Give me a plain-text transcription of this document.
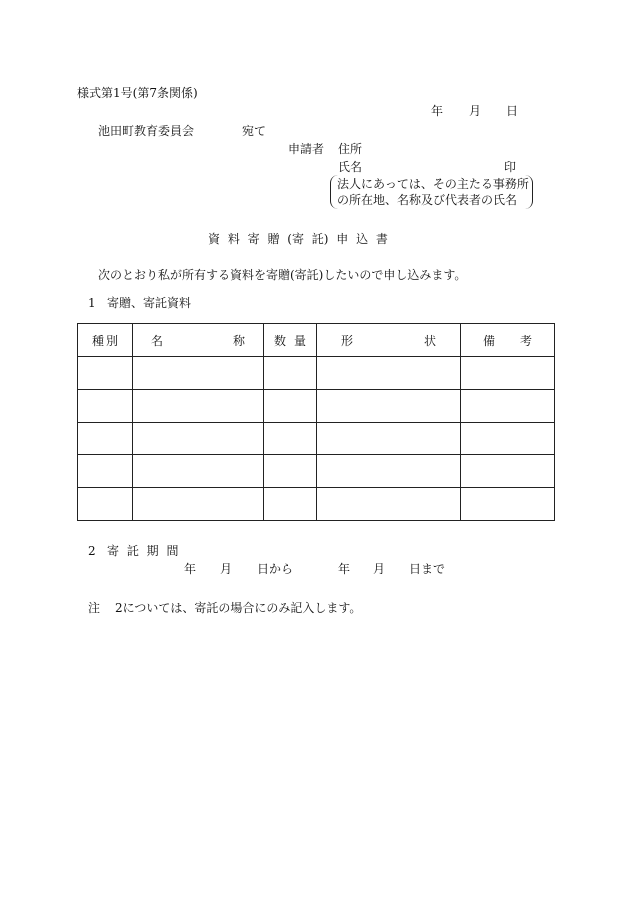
様式第1号(第7条関係)
年 月 日
池田町教育委員会	宛て
申請者 住所
氏名	印
法人にあっては、その主たる事務所
の所在地、名称及び代表者の氏名
資 料 寄 贈 (寄 託) 申 込 書
次のとおり私が所有する資料を寄贈(寄託)したいので申し込みます。
1 寄贈、寄託資料
種 別	名 称	数 量	形 状	備 考

2 寄 託 期 間
年 月 日から	年 月 日まで
注 2については、寄託の場合にのみ記入します。
